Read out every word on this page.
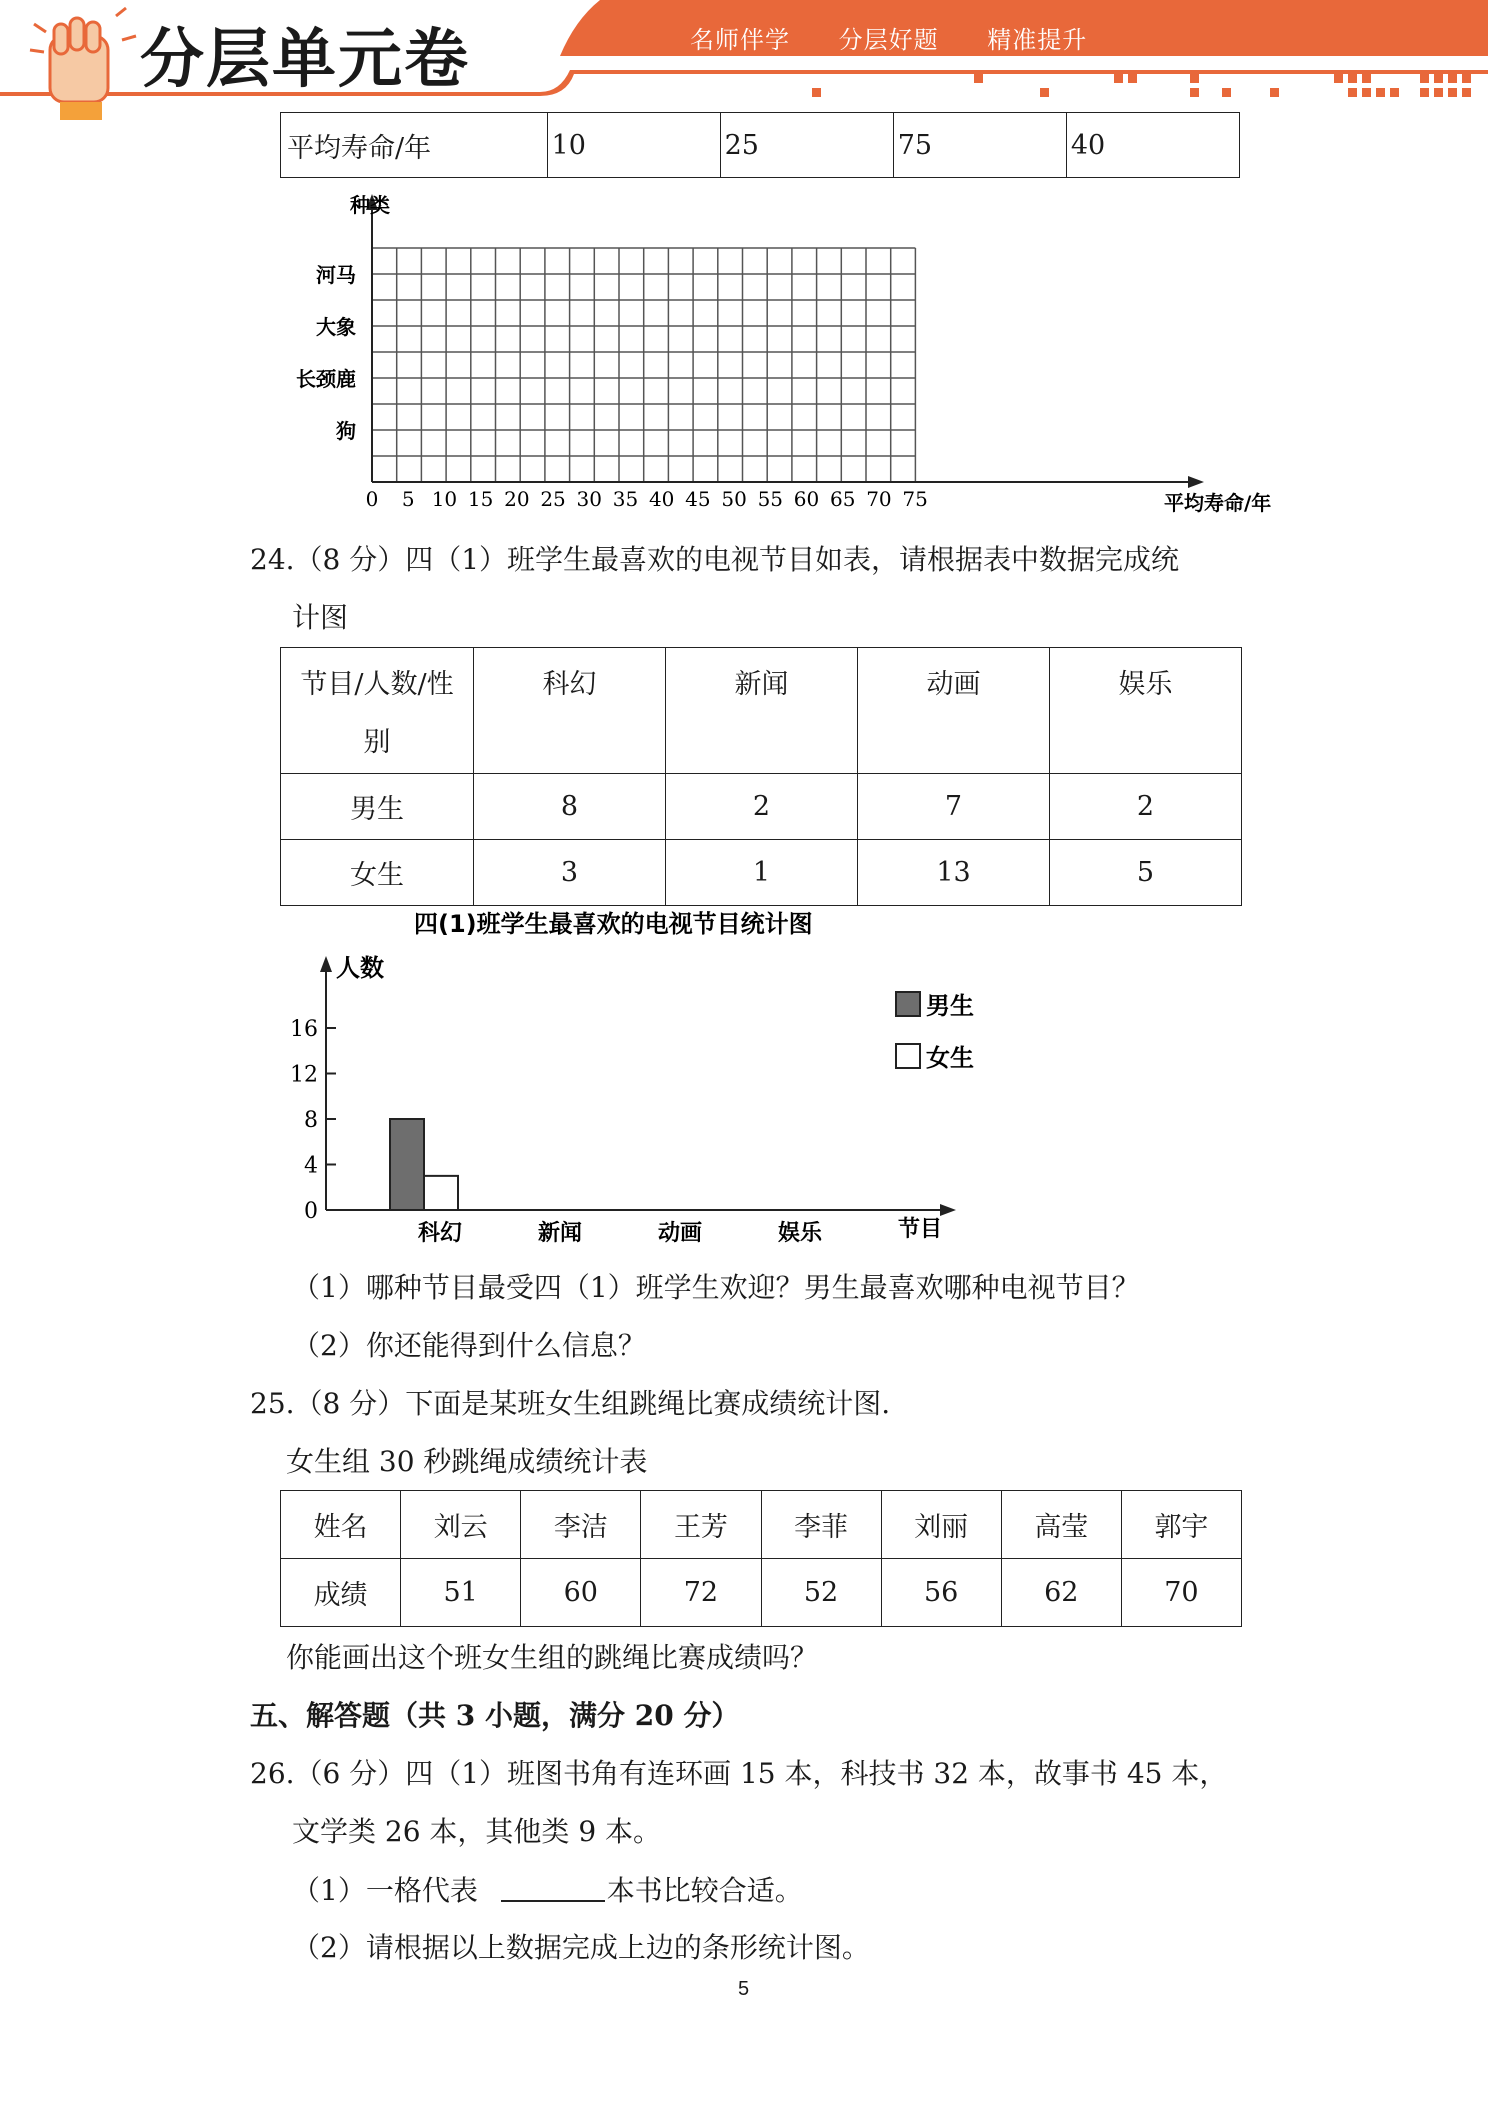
分层单元卷	名师伴学 分层好题 精准提升
平均寿命/年	10	25	75	40
种类
平均寿命/年
河马
大象
长颈鹿
狗
0 5 10 15 20 25 30 35 40 45 50 55 60 65 70 75
24.（8 分）四（1）班学生最喜欢的电视节目如表，请根据表中数据完成统
计图
节目/人数/性
别	科幻	新闻	动画	娱乐
男生	8	2	7	2
女生	3	1	13	5
四(1)班学生最喜欢的电视节目统计图
人数
节目
0
4
8
12
16
科幻	新闻	动画	娱乐
男生
女生
（1）哪种节目最受四（1）班学生欢迎？男生最喜欢哪种电视节目？
（2）你还能得到什么信息？
25.（8 分）下面是某班女生组跳绳比赛成绩统计图.
女生组 30 秒跳绳成绩统计表
姓名	刘云	李洁	王芳	李菲	刘丽	高莹	郭宇
成绩	51	60	72	52	56	62	70
你能画出这个班女生组的跳绳比赛成绩吗？
五、解答题（共 3 小题，满分 20 分）
26.（6 分）四（1）班图书角有连环画 15 本，科技书 32 本，故事书 45 本，
文学类 26 本，其他类 9 本。
（1）一格代表	本书比较合适。
（2）请根据以上数据完成上边的条形统计图。
5
